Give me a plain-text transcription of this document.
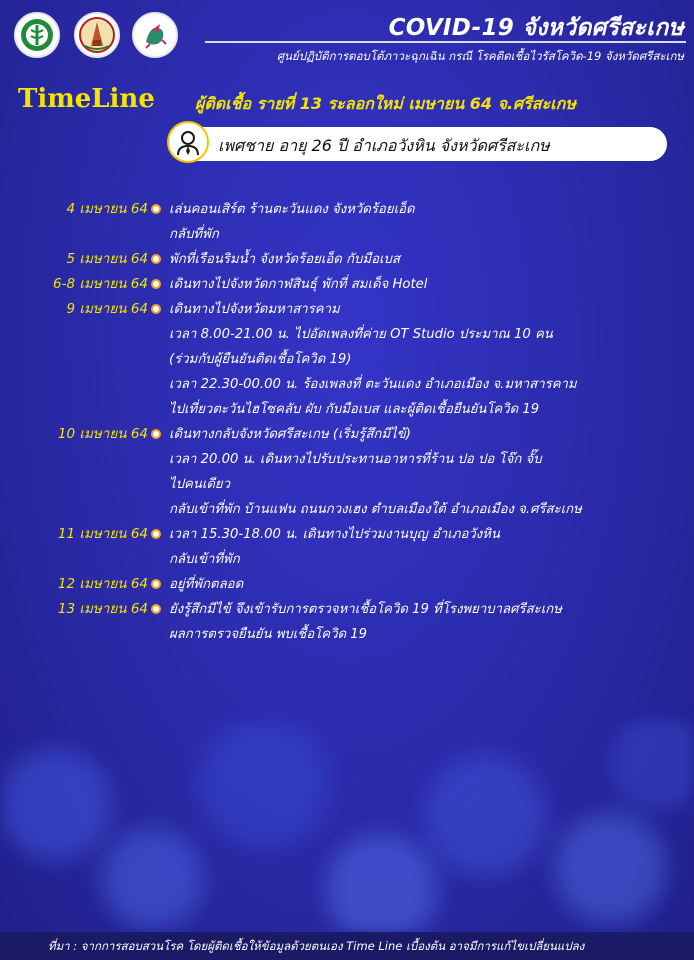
COVID-19 จังหวัดศรีสะเกษ
ศูนย์ปฏิบัติการตอบโต้ภาวะฉุกเฉิน กรณี โรคติดเชื้อไวรัสโควิด-19 จังหวัดศรีสะเกษ
TimeLine	ผู้ติดเชื้อ รายที่ 13 ระลอกใหม่ เมษายน 64 จ.ศรีสะเกษ
เพศชาย อายุ 26 ปี อำเภอวังหิน จังหวัดศรีสะเกษ
4 เมษายน 64 เล่นคอนเสิร์ต ร้านตะวันแดง จังหวัดร้อยเอ็ด
กลับที่พัก
5 เมษายน 64 พักที่เรือนริมน้ำ จังหวัดร้อยเอ็ด กับมือเบส
6-8 เมษายน 64 เดินทางไปจังหวัดกาฬสินธุ์ พักที่ สมเด็จ Hotel
9 เมษายน 64 เดินทางไปจังหวัดมหาสารคาม
เวลา 8.00-21.00 น. ไปอัดเพลงที่ค่าย OT Studio ประมาณ 10 คน
(ร่วมกับผู้ยืนยันติดเชื้อโควิด 19)
เวลา 22.30-00.00 น. ร้องเพลงที่ ตะวันแดง อำเภอเมือง จ.มหาสารคาม
ไปเที่ยวตะวันไฮโซคลับ ผับ กับมือเบส และผู้ติดเชื้อยืนยันโควิด 19
10 เมษายน 64 เดินทางกลับจังหวัดศรีสะเกษ (เริ่มรู้สึกมีไข้)
เวลา 20.00 น. เดินทางไปรับประทานอาหารที่ร้าน ปอ ปอ โจ๊ก จั๊บ
ไปคนเดียว
กลับเข้าที่พัก บ้านแฟน ถนนกวงเฮง ตำบลเมืองใต้ อำเภอเมือง จ.ศรีสะเกษ
11 เมษายน 64 เวลา 15.30-18.00 น. เดินทางไปร่วมงานบุญ อำเภอวังหิน
กลับเข้าที่พัก
12 เมษายน 64 อยู่ที่พักตลอด
13 เมษายน 64 ยังรู้สึกมีไข้ จึงเข้ารับการตรวจหาเชื้อโควิด 19 ที่โรงพยาบาลศรีสะเกษ
ผลการตรวจยืนยัน พบเชื้อโควิด 19
ที่มา : จากการสอบสวนโรค โดยผู้ติดเชื้อให้ข้อมูลด้วยตนเอง Time Line เบื้องต้น อาจมีการแก้ไขเปลี่ยนแปลง
